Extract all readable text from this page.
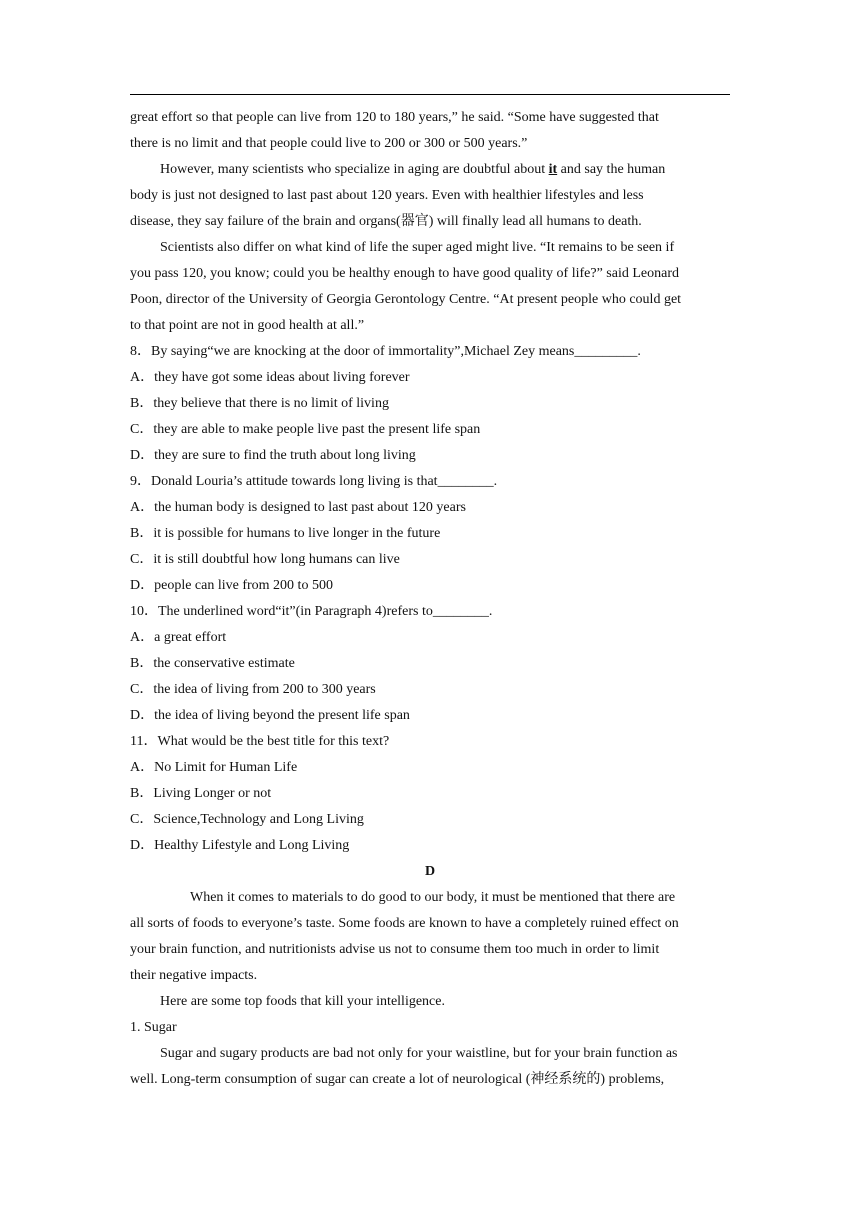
great effort so that people can live from 120 to 180 years,” he said. “Some have suggested that
there is no limit and that people could live to 200 or 300 or 500 years.”
However, many scientists who specialize in aging are doubtful about it and say the human
body is just not designed to last past about 120 years. Even with healthier lifestyles and less
disease, they say failure of the brain and organs(器官) will finally lead all humans to death.
Scientists also differ on what kind of life the super aged might live. “It remains to be seen if
you pass 120, you know; could you be healthy enough to have good quality of life?” said Leonard
Poon, director of the University of Georgia Gerontology Centre. “At present people who could get
to that point are not in good health at all.”
8．By saying“we are knocking at the door of immortality”,Michael Zey means_________.
A．they have got some ideas about living forever
B．they believe that there is no limit of living
C．they are able to make people live past the present life span
D．they are sure to find the truth about long living
9．Donald Louria’s attitude towards long living is that________.
A．the human body is designed to last past about 120 years
B．it is possible for humans to live longer in the future
C．it is still doubtful how long humans can live
D．people can live from 200 to 500
10．The underlined word“it”(in Paragraph 4)refers to________.
A．a great effort
B．the conservative estimate
C．the idea of living from 200 to 300 years
D．the idea of living beyond the present life span
11．What would be the best title for this text?
A．No Limit for Human Life
B．Living Longer or not
C．Science,Technology and Long Living
D．Healthy Lifestyle and Long Living
D
When it comes to materials to do good to our body, it must be mentioned that there are
all sorts of foods to everyone’s taste. Some foods are known to have a completely ruined effect on
your brain function, and nutritionists advise us not to consume them too much in order to limit
their negative impacts.
Here are some top foods that kill your intelligence.
1. Sugar
Sugar and sugary products are bad not only for your waistline, but for your brain function as
well. Long-term consumption of sugar can create a lot of neurological (神经系统的) problems,
